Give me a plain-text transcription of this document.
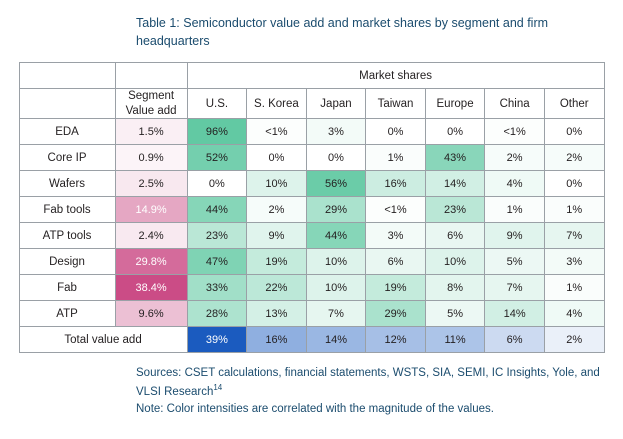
Table 1: Semiconductor value add and market shares by segment and firm headquarters
		Market shares						

	Segment
Value add	U.S.	S. Korea	Japan	Taiwan	Europe	China	Other
EDA	1.5%	96%	<1%	3%	0%	0%	<1%	0%
Core IP	0.9%	52%	0%	0%	1%	43%	2%	2%
Wafers	2.5%	0%	10%	56%	16%	14%	4%	0%
Fab tools	14.9%	44%	2%	29%	<1%	23%	1%	1%
ATP tools	2.4%	23%	9%	44%	3%	6%	9%	7%
Design	29.8%	47%	19%	10%	6%	10%	5%	3%
Fab	38.4%	33%	22%	10%	19%	8%	7%	1%
ATP	9.6%	28%	13%	7%	29%	5%	14%	4%
Total value add		39%	16%	14%	12%	11%	6%	2%
Sources: CSET calculations, financial statements, WSTS, SIA, SEMI, IC Insights, Yole, and VLSI Research$^{14}$
Note: Color intensities are correlated with the magnitude of the values.
